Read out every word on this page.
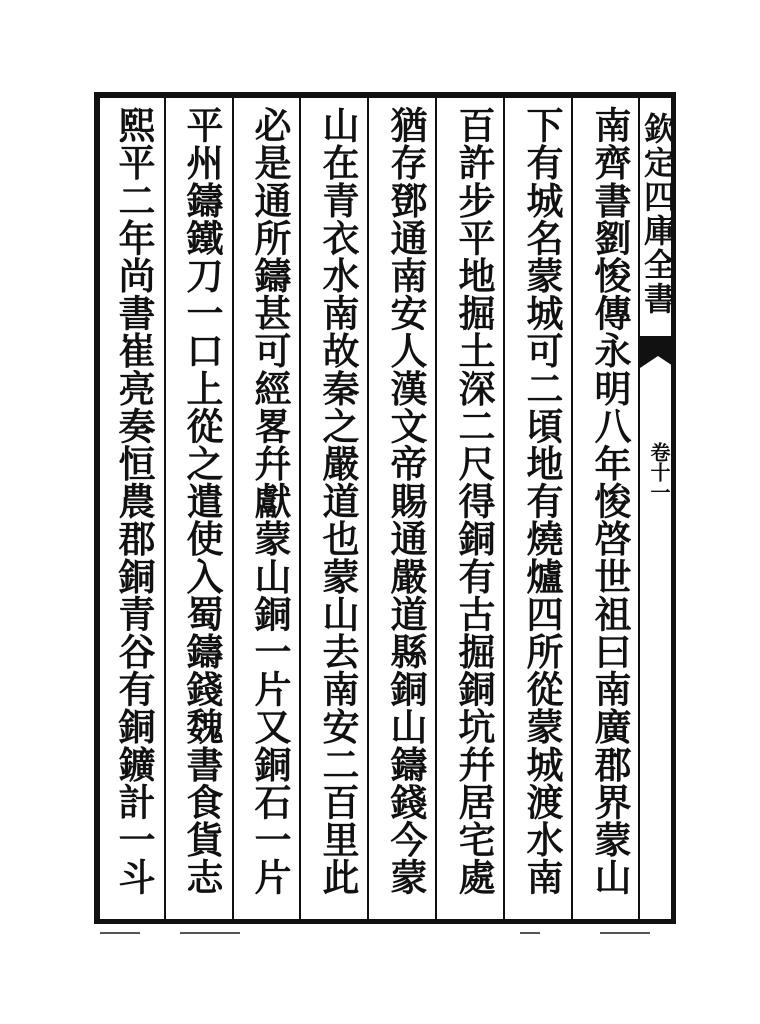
南齊書劉悛傳永明八年悛啓世祖曰南廣郡界蒙山
下有城名蒙城可二頃地有燒爐四所從蒙城渡水南
百許步平地掘土深二尺得銅有古掘銅坑幷居宅處
猶存鄧通南安人漢文帝賜通嚴道縣銅山鑄錢今蒙
山在青衣水南故秦之嚴道也蒙山去南安二百里此
必是通所鑄甚可經畧幷獻蒙山銅一片又銅石一片
平州鑄鐵刀一口上從之遣使入蜀鑄錢魏書食貨志
熙平二年尚書崔亮奏恒農郡銅青谷有銅鑛計一斗	欽定四庫全書
卷十一
